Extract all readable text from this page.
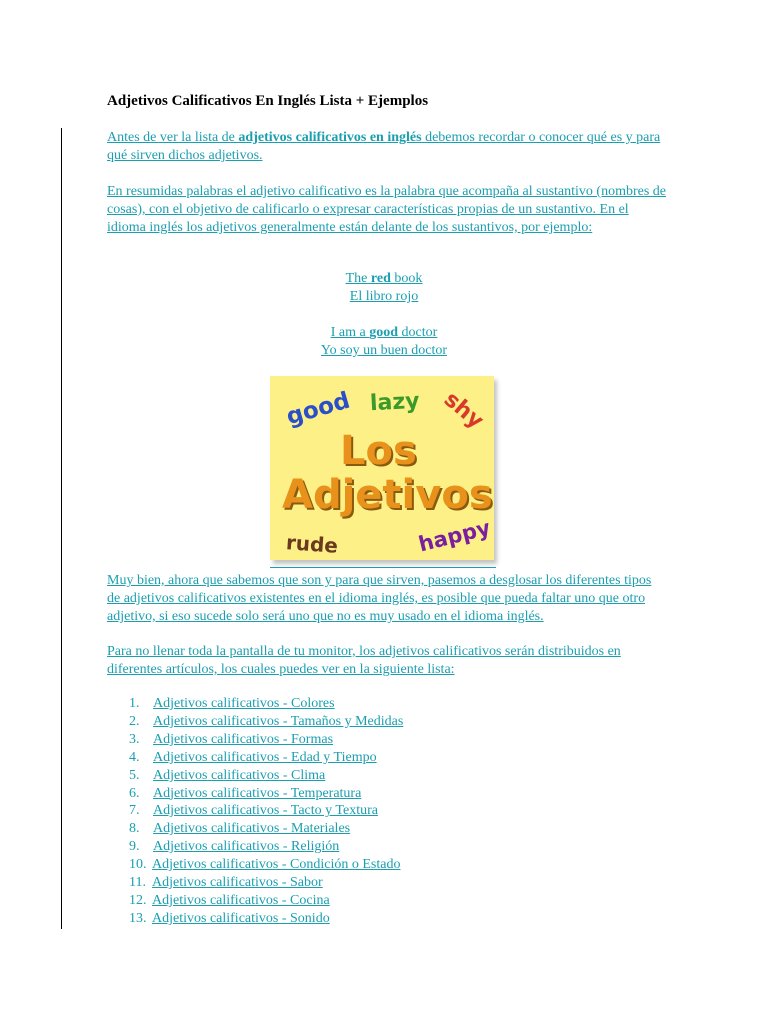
Adjetivos Calificativos En Inglés Lista + Ejemplos
Antes de ver la lista de adjetivos calificativos en inglés debemos recordar o conocer qué es y para qué sirven dichos adjetivos.
En resumidas palabras el adjetivo calificativo es la palabra que acompaña al sustantivo (nombres de cosas), con el objetivo de calificarlo o expresar características propias de un sustantivo. En el idioma inglés los adjetivos generalmente están delante de los sustantivos, por ejemplo:
The red book
El libro rojo
I am a good doctor
Yo soy un buen doctor
good lazy shy
Los
Adjetivos
rude	happy
Muy bien, ahora que sabemos que son y para que sirven, pasemos a desglosar los diferentes tipos de adjetivos calificativos existentes en el idioma inglés, es posible que pueda faltar uno que otro adjetivo, si eso sucede solo será uno que no es muy usado en el idioma inglés.
Para no llenar toda la pantalla de tu monitor, los adjetivos calificativos serán distribuidos en diferentes artículos, los cuales puedes ver en la siguiente lista:
1. Adjetivos calificativos - Colores
2. Adjetivos calificativos - Tamaños y Medidas
3. Adjetivos calificativos - Formas
4. Adjetivos calificativos - Edad y Tiempo
5. Adjetivos calificativos - Clima
6. Adjetivos calificativos - Temperatura
7. Adjetivos calificativos - Tacto y Textura
8. Adjetivos calificativos - Materiales
9. Adjetivos calificativos - Religión
10. Adjetivos calificativos - Condición o Estado
11. Adjetivos calificativos - Sabor
12. Adjetivos calificativos - Cocina
13. Adjetivos calificativos - Sonido
